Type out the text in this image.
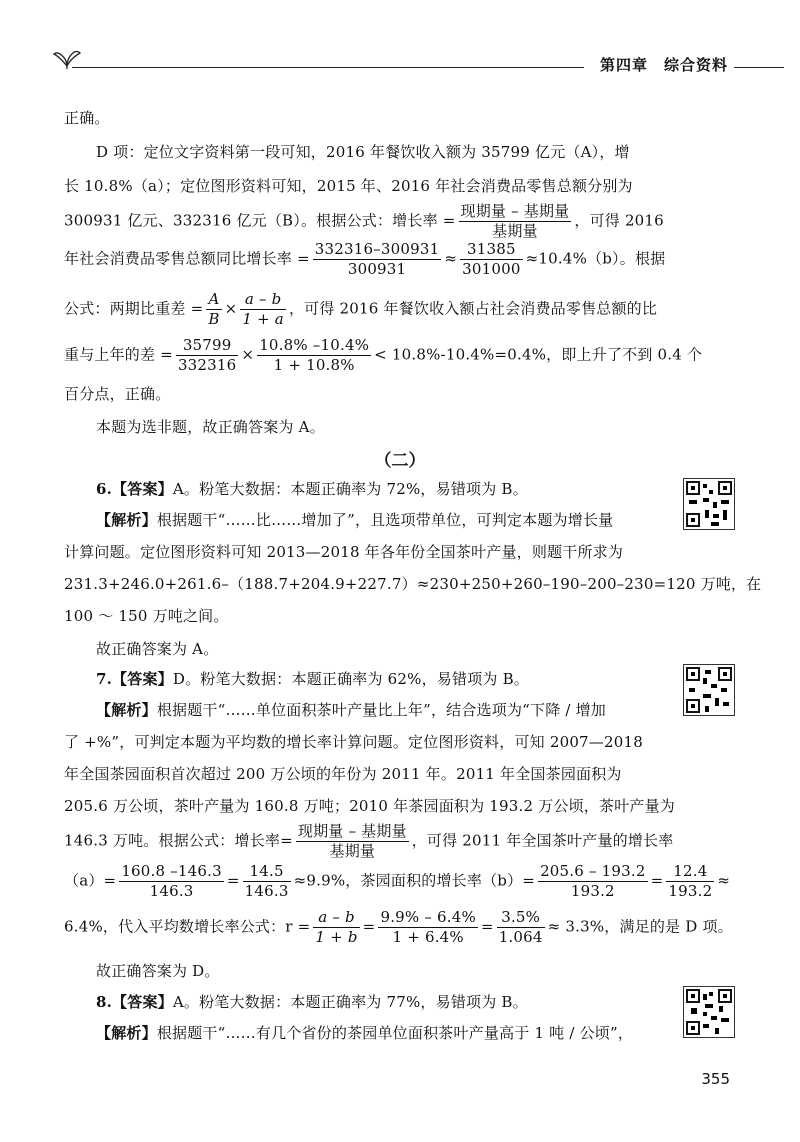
第四章 综合资料
正确。
D 项：定位文字资料第一段可知，2016 年餐饮收入额为 35799 亿元（A），增
长 10.8%（a）；定位图形资料可知，2015 年、2016 年社会消费品零售总额分别为
300931 亿元、332316 亿元（B）。根据公式：增长率 = $\frac{\text{现期量 – 基期量}}{\text{基期量}}$ ，可得 2016
年社会消费品零售总额同比增长率 = $\frac{332316-300931}{300931} \approx \frac{31385}{301000} \approx 10.4\%(b)$。根据
公式：两期比重差 = $\frac{A}{B} \times \frac{a - b}{1 + a}$ ，可得 2016 年餐饮收入额占社会消费品零售总额的比
重与上年的差 = $\frac{35799}{332316} \times \frac{10.8\% -10.4\%}{1 + 10.8\%} < 10.8\%-10.4\%=0.4\%$，即上升了不到 0.4 个
百分点，正确。
本题为选非题，故正确答案为 A。
（二）
6.【答案】A。粉笔大数据：本题正确率为 72%，易错项为 B。
【解析】根据题干“……比……增加了”，且选项带单位，可判定本题为增长量
计算问题。定位图形资料可知 2013—2018 年各年份全国茶叶产量，则题干所求为
231.3+246.0+261.6–（188.7+204.9+227.7）≈230+250+260–190–200–230=120 万吨，在
100 ～ 150 万吨之间。
故正确答案为 A。
7.【答案】D。粉笔大数据：本题正确率为 62%，易错项为 B。
【解析】根据题干“……单位面积茶叶产量比上年”，结合选项为“下降 / 增加
了 +%”，可判定本题为平均数的增长率计算问题。定位图形资料，可知 2007—2018
年全国茶园面积首次超过 200 万公顷的年份为 2011 年。2011 年全国茶园面积为
205.6 万公顷，茶叶产量为 160.8 万吨；2010 年茶园面积为 193.2 万公顷，茶叶产量为
146.3 万吨。根据公式：增长率= $\frac{\text{现期量 – 基期量}}{\text{基期量}}$ ，可得 2011 年全国茶叶产量的增长率
$(a)= \frac{160.8 -146.3}{146.3} = \frac{14.5}{146.3} \approx 9.9\%$，茶园面积的增长率$(b)= \frac{205.6 - 193.2}{193.2} = \frac{12.4}{193.2}$ ≈
6.4%，代入平均数增长率公式：$r = \frac{a - b}{1 + b} = \frac{9.9\% - 6.4\%}{1 + 6.4\%} = \frac{3.5\%}{1.064} \approx 3.3\%$，满足的是 D 项。
故正确答案为 D。
8.【答案】A。粉笔大数据：本题正确率为 77%，易错项为 B。
【解析】根据题干“……有几个省份的茶园单位面积茶叶产量高于 1 吨 / 公顷”，
355
